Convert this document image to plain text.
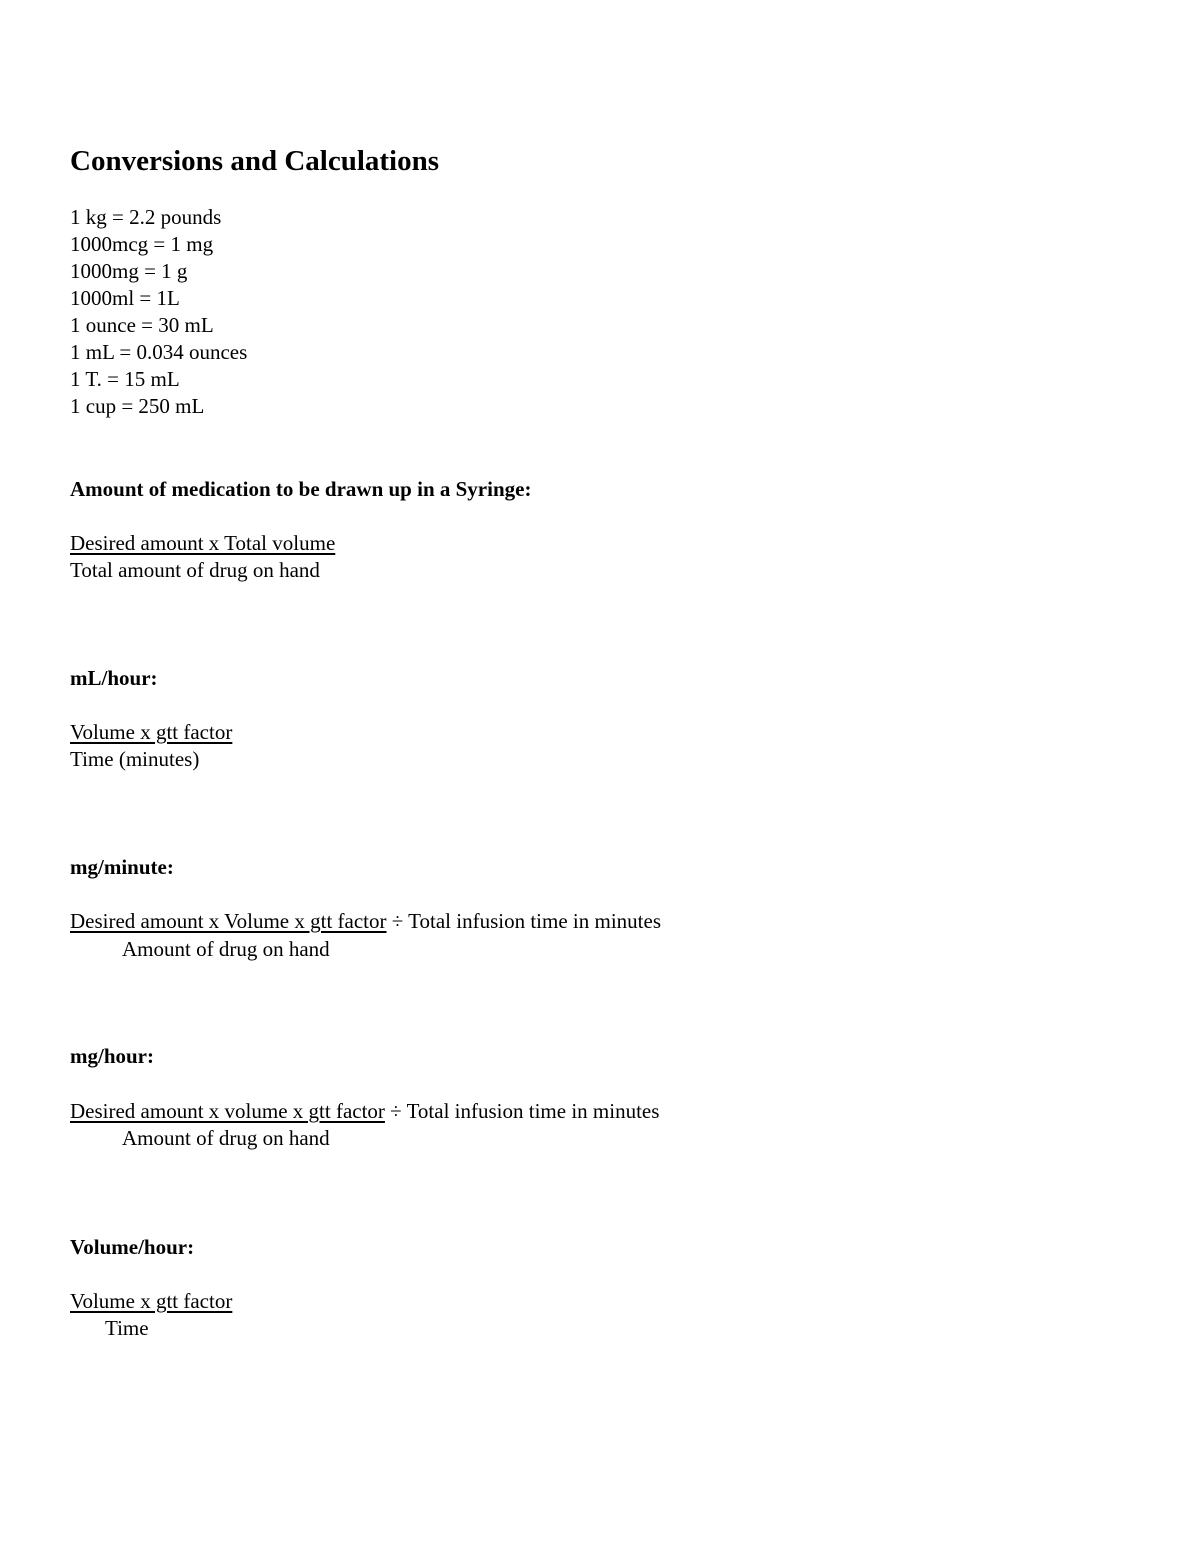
Conversions and Calculations
1 kg = 2.2 pounds
1000mcg = 1 mg
1000mg = 1 g
1000ml = 1L
1 ounce = 30 mL
1 mL = 0.034 ounces
1 T. = 15 mL
1 cup = 250 mL
Amount of medication to be drawn up in a Syringe:
Desired amount x Total volume
Total amount of drug on hand
mL/hour:
Volume x gtt factor
Time (minutes)
mg/minute:
Desired amount x Volume x gtt factor ÷ Total infusion time in minutes
Amount of drug on hand
mg/hour:
Desired amount x volume x gtt factor ÷ Total infusion time in minutes
Amount of drug on hand
Volume/hour:
Volume x gtt factor
Time
